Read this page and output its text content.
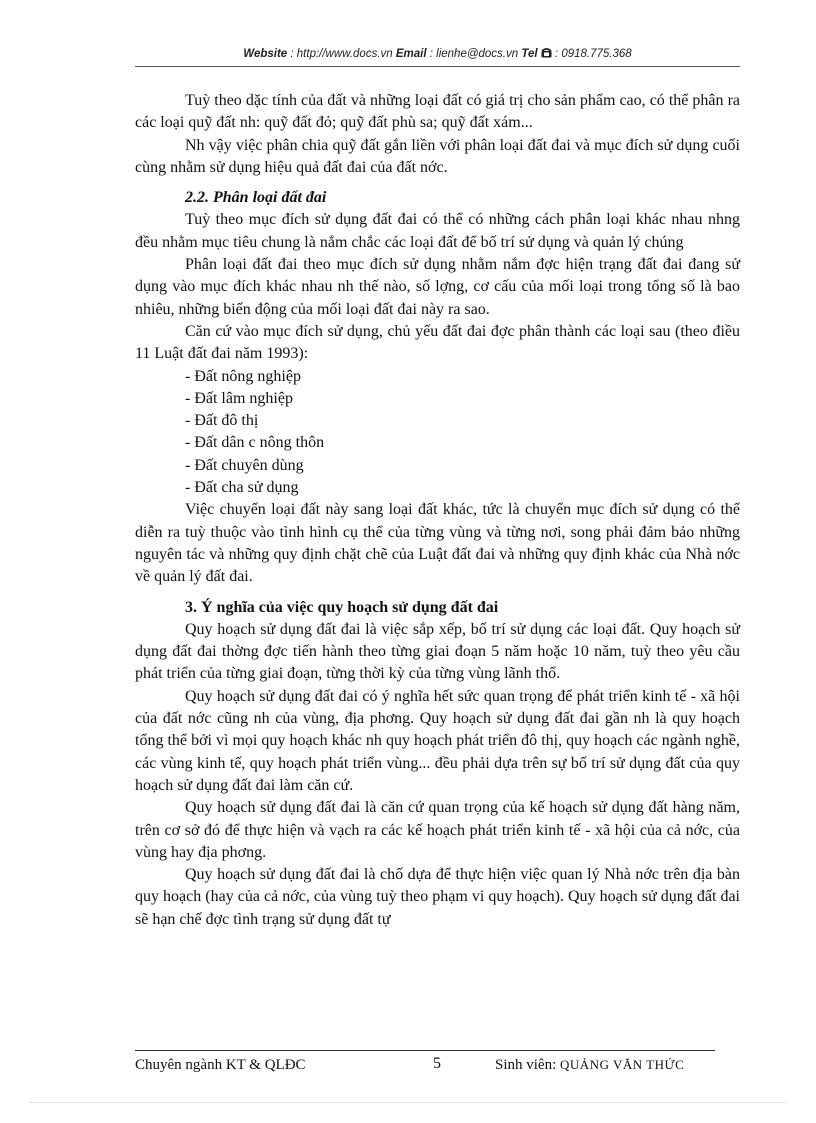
Website : http://www.docs.vn Email : lienhe@docs.vn Tel  : 0918.775.368

Tuỳ theo dặc tính của đất và những loại đất có giá trị cho sản phẩm cao, có thể phân ra các loại quỹ đất nh: quỹ đất đỏ; quỹ đất phù sa; quỹ đất xám...

Nh vậy việc phân chia quỹ đất gắn liền với phân loại đất đai và mục đích sử dụng cuối cùng nhằm sử dụng hiệu quả đất đai của đất nớc.

2.2. Phân loại đất đai

Tuỳ theo mục đích sử dụng đất đai có thể có những cách phân loại khác nhau nhng đều nhằm mục tiêu chung là nắm chắc các loại đất để bố trí sử dụng và quản lý chúng

Phân loại đất đai theo mục đích sử dụng nhằm nắm đợc hiện trạng đất đai đang sử dụng vào mục đích khác nhau nh thế nào, số lợng, cơ cấu của mối loại trong tổng số là bao nhiêu, những biến động của mối loại đất đai này ra sao.

Căn cứ vào mục đích sử dụng, chủ yếu đất đai đợc phân thành các loại sau (theo điều 11 Luật đất đai năm 1993):

- Đất nông nghiệp
- Đất lâm nghiệp
- Đất đô thị
- Đất dân c nông thôn
- Đất chuyên dùng
- Đất cha sử dụng

Việc chuyển loại đất này sang loại đất khác, tức là chuyển mục đích sử dụng có thể diễn ra tuỳ thuộc vào tình hình cụ thể của từng vùng và từng nơi, song phải đảm bảo những nguyên tác và những quy định chặt chẽ của Luật đất đai và những quy định khác của Nhà nớc về quản lý đất đai.

3. Ý nghĩa của việc quy hoạch sử dụng đất đai

Quy hoạch sử dụng đất đai là việc sắp xếp, bố trí sử dụng các loại đất. Quy hoạch sử dụng đất đai thờng đợc tiến hành theo từng giai đoạn 5 năm hoặc 10 năm, tuỳ theo yêu cầu phát triển của từng giai đoạn, từng thời kỳ của từng vùng lãnh thổ.

Quy hoạch sử dụng đất đai có ý nghĩa hết sức quan trọng để phát triển kinh tế - xã hội của đất nớc cũng nh của vùng, địa phơng. Quy hoạch sử dụng đất đai gần nh là quy hoạch tổng thể bởi vì mọi quy hoạch khác nh quy hoạch phát triển đô thị, quy hoạch các ngành nghề, các vùng kinh tế, quy hoạch phát triển vùng... đều phải dựa trên sự bố trí sử dụng đất của quy hoạch sử dụng đất đai làm căn cứ.

Quy hoạch sử dụng đất đai là căn cứ quan trọng của kế hoạch sử dụng đất hàng năm, trên cơ sở đó để thực hiện và vạch ra các kế hoạch phát triển kinh tế - xã hội của cả nớc, của vùng hay địa phơng.

Quy hoạch sử dụng đất đai là chố dựa để thực hiện việc quan lý Nhà nớc trên địa bàn quy hoạch (hay của cả nớc, của vùng tuỳ theo phạm vi quy hoạch). Quy hoạch sử dụng đất đai sẽ hạn chế đợc tình trạng sử dụng đất tự

Chuyên ngành KT & QLĐC	5	Sinh viên: QUẢNG VĂN THỨC
